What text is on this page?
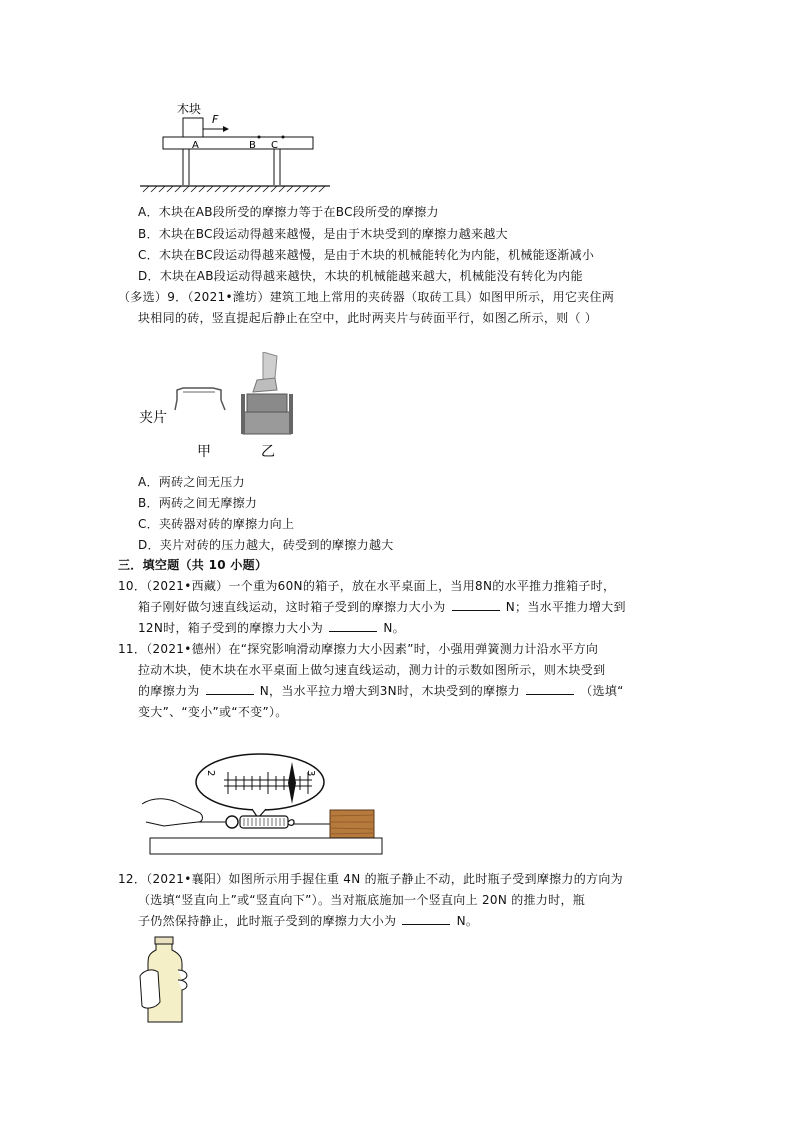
木块
F
A	B C
A．木块在AB段所受的摩擦力等于在BC段所受的摩擦力
B．木块在BC段运动得越来越慢，是由于木块受到的摩擦力越来越大
C．木块在BC段运动得越来越慢，是由于木块的机械能转化为内能，机械能逐渐减小
D．木块在AB段运动得越来越快，木块的机械能越来越大，机械能没有转化为内能
（多选）9．（2021•潍坊）建筑工地上常用的夹砖器（取砖工具）如图甲所示，用它夹住两
块相同的砖，竖直提起后静止在空中，此时两夹片与砖面平行，如图乙所示，则（ ）
夹片
甲	乙
A．两砖之间无压力
B．两砖之间无摩擦力
C．夹砖器对砖的摩擦力向上
D．夹片对砖的压力越大，砖受到的摩擦力越大
三．填空题（共 10 小题）
10．（2021•西藏）一个重为60N的箱子，放在水平桌面上，当用8N的水平推力推箱子时，
箱子刚好做匀速直线运动，这时箱子受到的摩擦力大小为	N；当水平推力增大到
12N时，箱子受到的摩擦力大小为	N。
11．（2021•德州）在“探究影响滑动摩擦力大小因素”时，小强用弹簧测力计沿水平方向
拉动木块，使木块在水平桌面上做匀速直线运动，测力计的示数如图所示，则木块受到
的摩擦力为	N，当水平拉力增大到3N时，木块受到的摩擦力	（选填“
变大”、“变小”或“不变”）。
2	3
12．（2021•襄阳）如图所示用手握住重 4N 的瓶子静止不动，此时瓶子受到摩擦力的方向为
（选填“竖直向上”或“竖直向下”）。当对瓶底施加一个竖直向上 20N 的推力时，瓶
子仍然保持静止，此时瓶子受到的摩擦力大小为	N。
